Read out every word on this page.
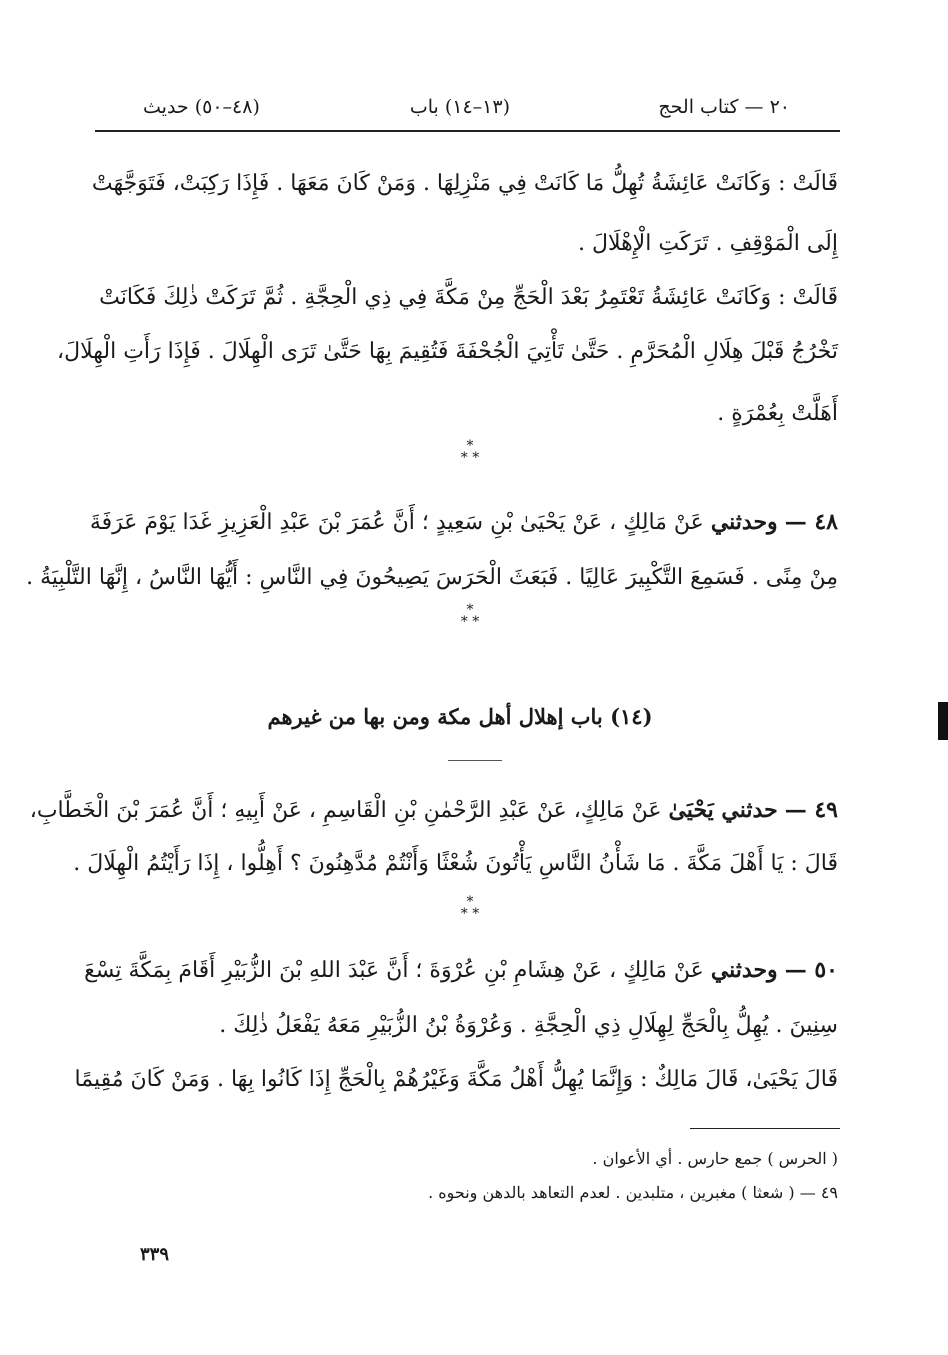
٢٠ — كتاب الحج
(١٣–١٤) باب
(٤٨–٥٠) حديث
قَالَتْ : وَكَانَتْ عَائِشَةُ تُهِلُّ مَا كَانَتْ فِي مَنْزِلِهَا . وَمَنْ كَانَ مَعَهَا . فَإِذَا رَكِبَتْ، فَتَوَجَّهَتْ
إِلَى الْمَوْقِفِ . تَرَكَتِ الْإِهْلَالَ .
قَالَتْ : وَكَانَتْ عَائِشَةُ تَعْتَمِرُ بَعْدَ الْحَجِّ مِنْ مَكَّةَ فِي ذِي الْحِجَّةِ . ثُمَّ تَرَكَتْ ذٰلِكَ فَكَانَتْ
تَخْرُجُ قَبْلَ هِلَالِ الْمُحَرَّمِ . حَتَّىٰ تَأْتِيَ الْجُحْفَةَ فَتُقِيمَ بِهَا حَتَّىٰ تَرَى الْهِلَالَ . فَإِذَا رَأَتِ الْهِلَالَ،
أَهَلَّتْ بِعُمْرَةٍ .
*
* *
٤٨ — وحدثني عَنْ مَالِكٍ ، عَنْ يَحْيَىٰ بْنِ سَعِيدٍ ؛ أَنَّ عُمَرَ بْنَ عَبْدِ الْعَزِيزِ غَدَا يَوْمَ عَرَفَةَ
مِنْ مِنًى . فَسَمِعَ التَّكْبِيرَ عَالِيًا . فَبَعَثَ الْحَرَسَ يَصِيحُونَ فِي النَّاسِ : أَيُّهَا النَّاسُ ، إِنَّهَا التَّلْبِيَةُ .
*
* *
(١٤) باب إهلال أهل مكة ومن بها من غيرهم
٤٩ — حدثني يَحْيَىٰ عَنْ مَالِكٍ، عَنْ عَبْدِ الرَّحْمٰنِ بْنِ الْقَاسِمِ ، عَنْ أَبِيهِ ؛ أَنَّ عُمَرَ بْنَ الْخَطَّابِ،
قَالَ : يَا أَهْلَ مَكَّةَ . مَا شَأْنُ النَّاسِ يَأْتُونَ شُعْثًا وَأَنْتُمْ مُدَّهِنُونَ ؟ أَهِلُّوا ، إِذَا رَأَيْتُمُ الْهِلَالَ .
*
* *
٥٠ — وحدثني عَنْ مَالِكٍ ، عَنْ هِشَامِ بْنِ عُرْوَةَ ؛ أَنَّ عَبْدَ اللهِ بْنَ الزُّبَيْرِ أَقَامَ بِمَكَّةَ تِسْعَ
سِنِينَ . يُهِلُّ بِالْحَجِّ لِهِلَالِ ذِي الْحِجَّةِ . وَعُرْوَةُ بْنُ الزُّبَيْرِ مَعَهُ يَفْعَلُ ذٰلِكَ .
قَالَ يَحْيَىٰ، قَالَ مَالِكٌ : وَإِنَّمَا يُهِلُّ أَهْلُ مَكَّةَ وَغَيْرُهُمْ بِالْحَجِّ إِذَا كَانُوا بِهَا . وَمَنْ كَانَ مُقِيمًا
( الحرس ) جمع حارس . أي الأعوان .
٤٩ — ( شعثا ) مغبرين ، متلبدين . لعدم التعاهد بالدهن ونحوه .
٣٣٩
